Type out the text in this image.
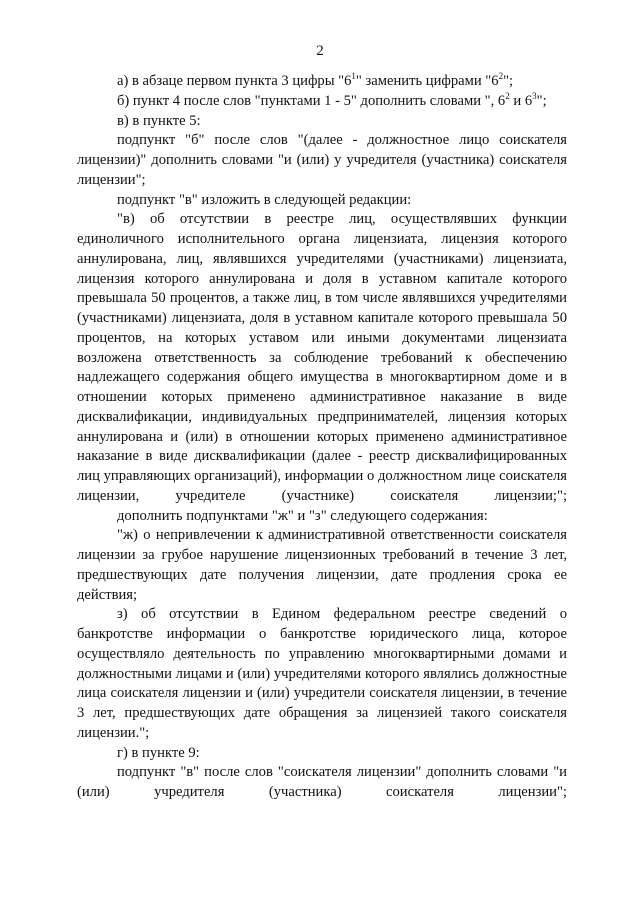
2

а) в абзаце первом пункта 3 цифры "$6^1$" заменить цифрами "$6^2$";

б) пункт 4 после слов "пунктами 1 - 5" дополнить словами ", $6^2$ и $6^3$";

в) в пункте 5:

подпункт "б" после слов "(далее - должностное лицо соискателя лицензии)" дополнить словами "и (или) у учредителя (участника) соискателя лицензии";

подпункт "в" изложить в следующей редакции:

"в) об отсутствии в реестре лиц, осуществлявших функции единоличного исполнительного органа лицензиата, лицензия которого аннулирована, лиц, являвшихся учредителями (участниками) лицензиата, лицензия которого аннулирована и доля в уставном капитале которого превышала 50 процентов, а также лиц, в том числе являвшихся учредителями (участниками) лицензиата, доля в уставном капитале которого превышала 50 процентов, на которых уставом или иными документами лицензиата возложена ответственность за соблюдение требований к обеспечению надлежащего содержания общего имущества в многоквартирном доме и в отношении которых применено административное наказание в виде дисквалификации, индивидуальных предпринимателей, лицензия которых аннулирована и (или) в отношении которых применено административное наказание в виде дисквалификации (далее - реестр дисквалифицированных лиц управляющих организаций), информации о должностном лице соискателя лицензии, учредителе (участнике) соискателя лицензии;";

дополнить подпунктами "ж" и "з" следующего содержания:

"ж) о непривлечении к административной ответственности соискателя лицензии за грубое нарушение лицензионных требований в течение 3 лет, предшествующих дате получения лицензии, дате продления срока ее действия;

з) об отсутствии в Едином федеральном реестре сведений о банкротстве информации о банкротстве юридического лица, которое осуществляло деятельность по управлению многоквартирными домами и должностными лицами и (или) учредителями которого являлись должностные лица соискателя лицензии и (или) учредители соискателя лицензии, в течение 3 лет, предшествующих дате обращения за лицензией такого соискателя лицензии.";

г) в пункте 9:

подпункт "в" после слов "соискателя лицензии" дополнить словами "и (или) учредителя (участника) соискателя лицензии";
